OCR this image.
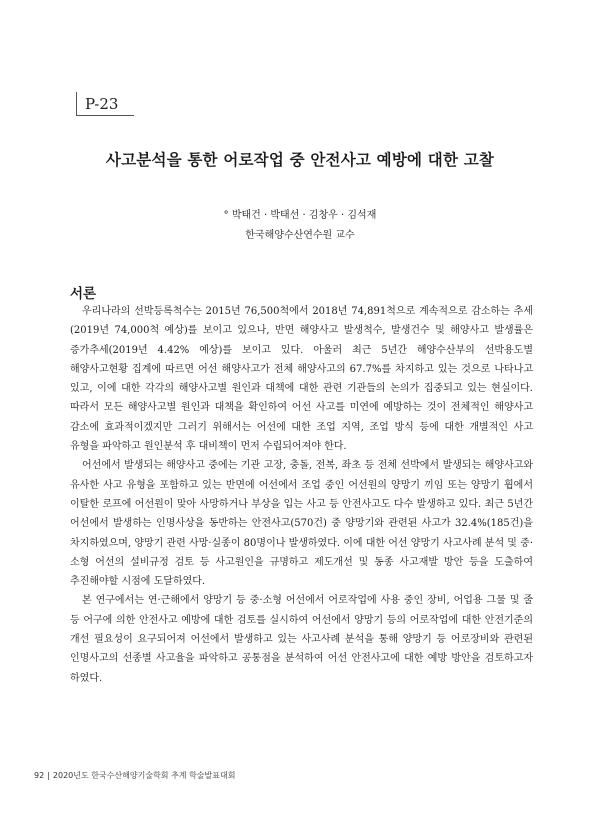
P-23
사고분석을 통한 어로작업 중 안전사고 예방에 대한 고찰
° 박태건 · 박태선 · 김창우 · 김석재
한국해양수산연수원 교수
서론

우리나라의 선박등록척수는 2015년 76,500척에서 2018년 74,891척으로 계속적으로 감소하는 추세(2019년 74,000척 예상)를 보이고 있으나, 반면 해양사고 발생척수, 발생건수 및 해양사고 발생률은 증가추세(2019년 4.42% 예상)를 보이고 있다. 아울러 최근 5년간 해양수산부의 선박용도별 해양사고현황 집계에 따르면 어선 해양사고가 전체 해양사고의 67.7%를 차지하고 있는 것으로 나타나고 있고, 이에 대한 각각의 해양사고별 원인과 대책에 대한 관련 기관들의 논의가 집중되고 있는 현실이다. 따라서 모든 해양사고별 원인과 대책을 확인하여 어선 사고를 미연에 예방하는 것이 전체적인 해양사고 감소에 효과적이겠지만 그러기 위해서는 어선에 대한 조업 지역, 조업 방식 등에 대한 개별적인 사고 유형을 파악하고 원인분석 후 대비책이 먼저 수립되어져야 한다.

어선에서 발생되는 해양사고 중에는 기관 고장, 충돌, 전복, 좌초 등 전체 선박에서 발생되는 해양사고와 유사한 사고 유형을 포함하고 있는 반면에 어선에서 조업 중인 어선원의 양망기 끼임 또는 양망기 휩에서 이탈한 로프에 어선원이 맞아 사망하거나 부상을 입는 사고 등 안전사고도 다수 발생하고 있다. 최근 5년간 어선에서 발생하는 인명사상을 동반하는 안전사고(570건) 중 양망기와 관련된 사고가 32.4%(185건)을 차지하였으며, 양망기 관련 사망·실종이 80명이나 발생하였다. 이에 대한 어선 양망기 사고사례 분석 및 중·소형 어선의 설비규정 검토 등 사고원인을 규명하고 제도개선 및 동종 사고재발 방안 등을 도출하여 추진해야할 시점에 도달하였다.

본 연구에서는 연·근해에서 양망기 등 중·소형 어선에서 어로작업에 사용 중인 장비, 어업용 그물 및 줄 등 어구에 의한 안전사고 예방에 대한 검토를 실시하여 어선에서 양망기 등의 어로작업에 대한 안전기준의 개선 필요성이 요구되어져 어선에서 발생하고 있는 사고사례 분석을 통해 양망기 등 어로장비와 관련된 인명사고의 선종별 사고율을 파악하고 공통점을 분석하여 어선 안전사고에 대한 예방 방안을 검토하고자 하였다.

92 | 2020년도 한국수산해양기술학회 추계 학술발표대회
